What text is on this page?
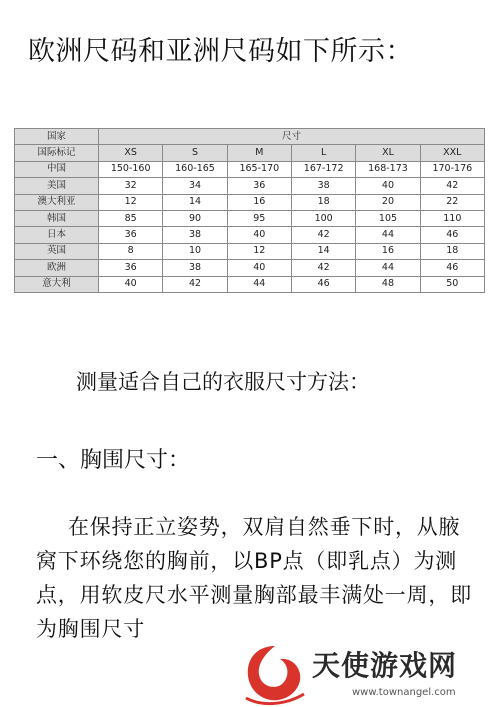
欧洲尺码和亚洲尺码如下所示：
国家	尺寸					
国际标记	XS	S	M	L	XL	XXL
中国	150-160	160-165	165-170	167-172	168-173	170-176
美国	32	34	36	38	40	42
澳大利亚	12	14	16	18	20	22
韩国	85	90	95	100	105	110
日本	36	38	40	42	44	46
英国	8	10	12	14	16	18
欧洲	36	38	40	42	44	46
意大利	40	42	44	46	48	50
测量适合自己的衣服尺寸方法：
一、胸围尺寸：
在保持正立姿势，双肩自然垂下时，从腋窝下环绕您的胸前，以BP点（即乳点）为测点，用软皮尺水平测量胸部最丰满处一周，即为胸围尺寸
天使游戏网
www.townangel.com
